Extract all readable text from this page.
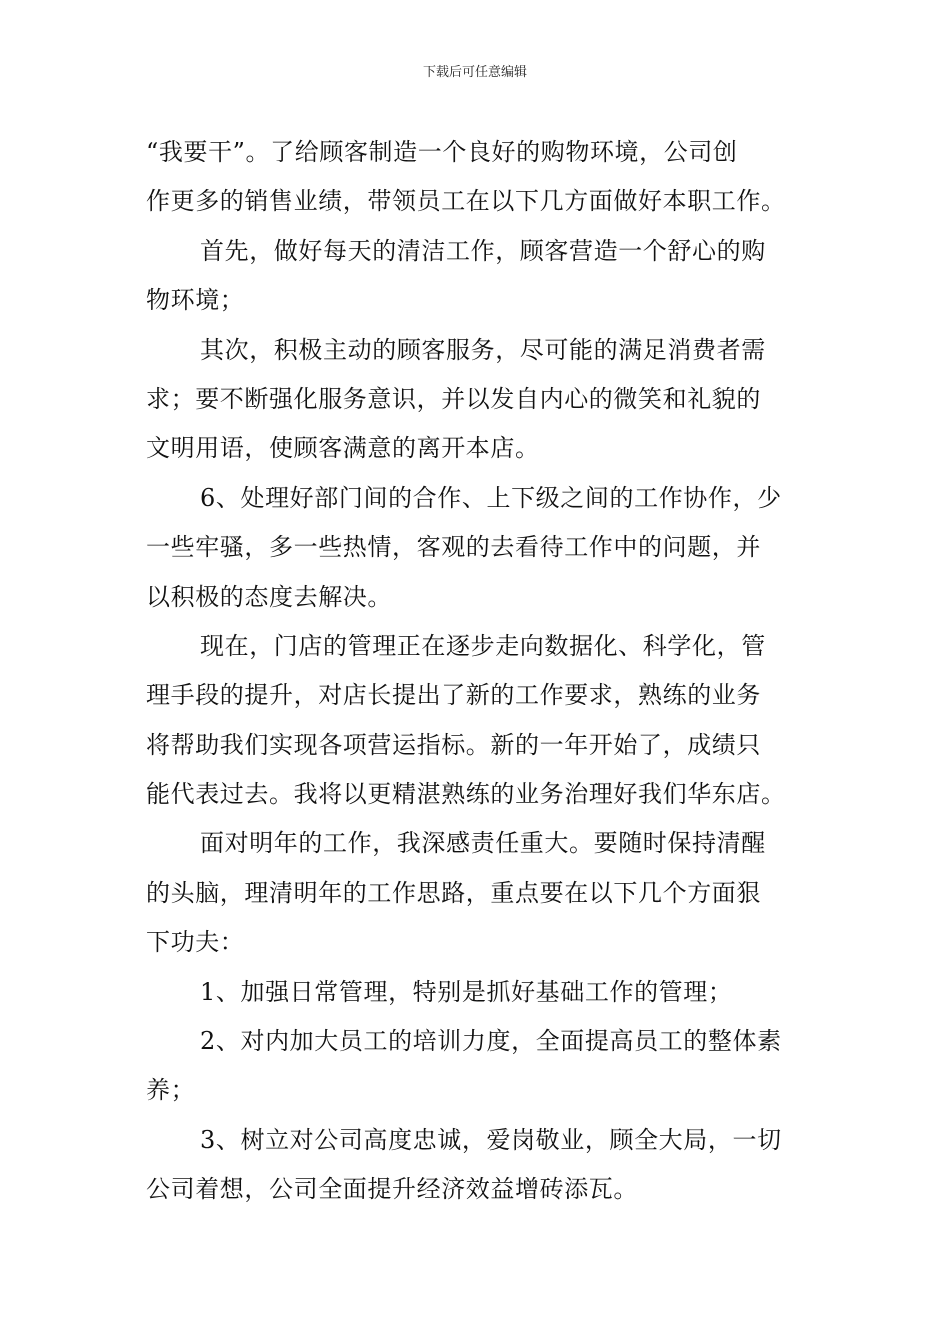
下载后可任意编辑
“我要干”。了给顾客制造一个良好的购物环境，公司创
作更多的销售业绩，带领员工在以下几方面做好本职工作。
首先，做好每天的清洁工作，顾客营造一个舒心的购
物环境；
其次，积极主动的顾客服务，尽可能的满足消费者需
求；要不断强化服务意识，并以发自内心的微笑和礼貌的
文明用语，使顾客满意的离开本店。
6、处理好部门间的合作、上下级之间的工作协作，少
一些牢骚，多一些热情，客观的去看待工作中的问题，并
以积极的态度去解决。
现在，门店的管理正在逐步走向数据化、科学化，管
理手段的提升，对店长提出了新的工作要求，熟练的业务
将帮助我们实现各项营运指标。新的一年开始了，成绩只
能代表过去。我将以更精湛熟练的业务治理好我们华东店。
面对明年的工作，我深感责任重大。要随时保持清醒
的头脑，理清明年的工作思路，重点要在以下几个方面狠
下功夫：
1、加强日常管理，特别是抓好基础工作的管理；
2、对内加大员工的培训力度，全面提高员工的整体素
养；
3、树立对公司高度忠诚，爱岗敬业，顾全大局，一切
公司着想，公司全面提升经济效益增砖添瓦。
